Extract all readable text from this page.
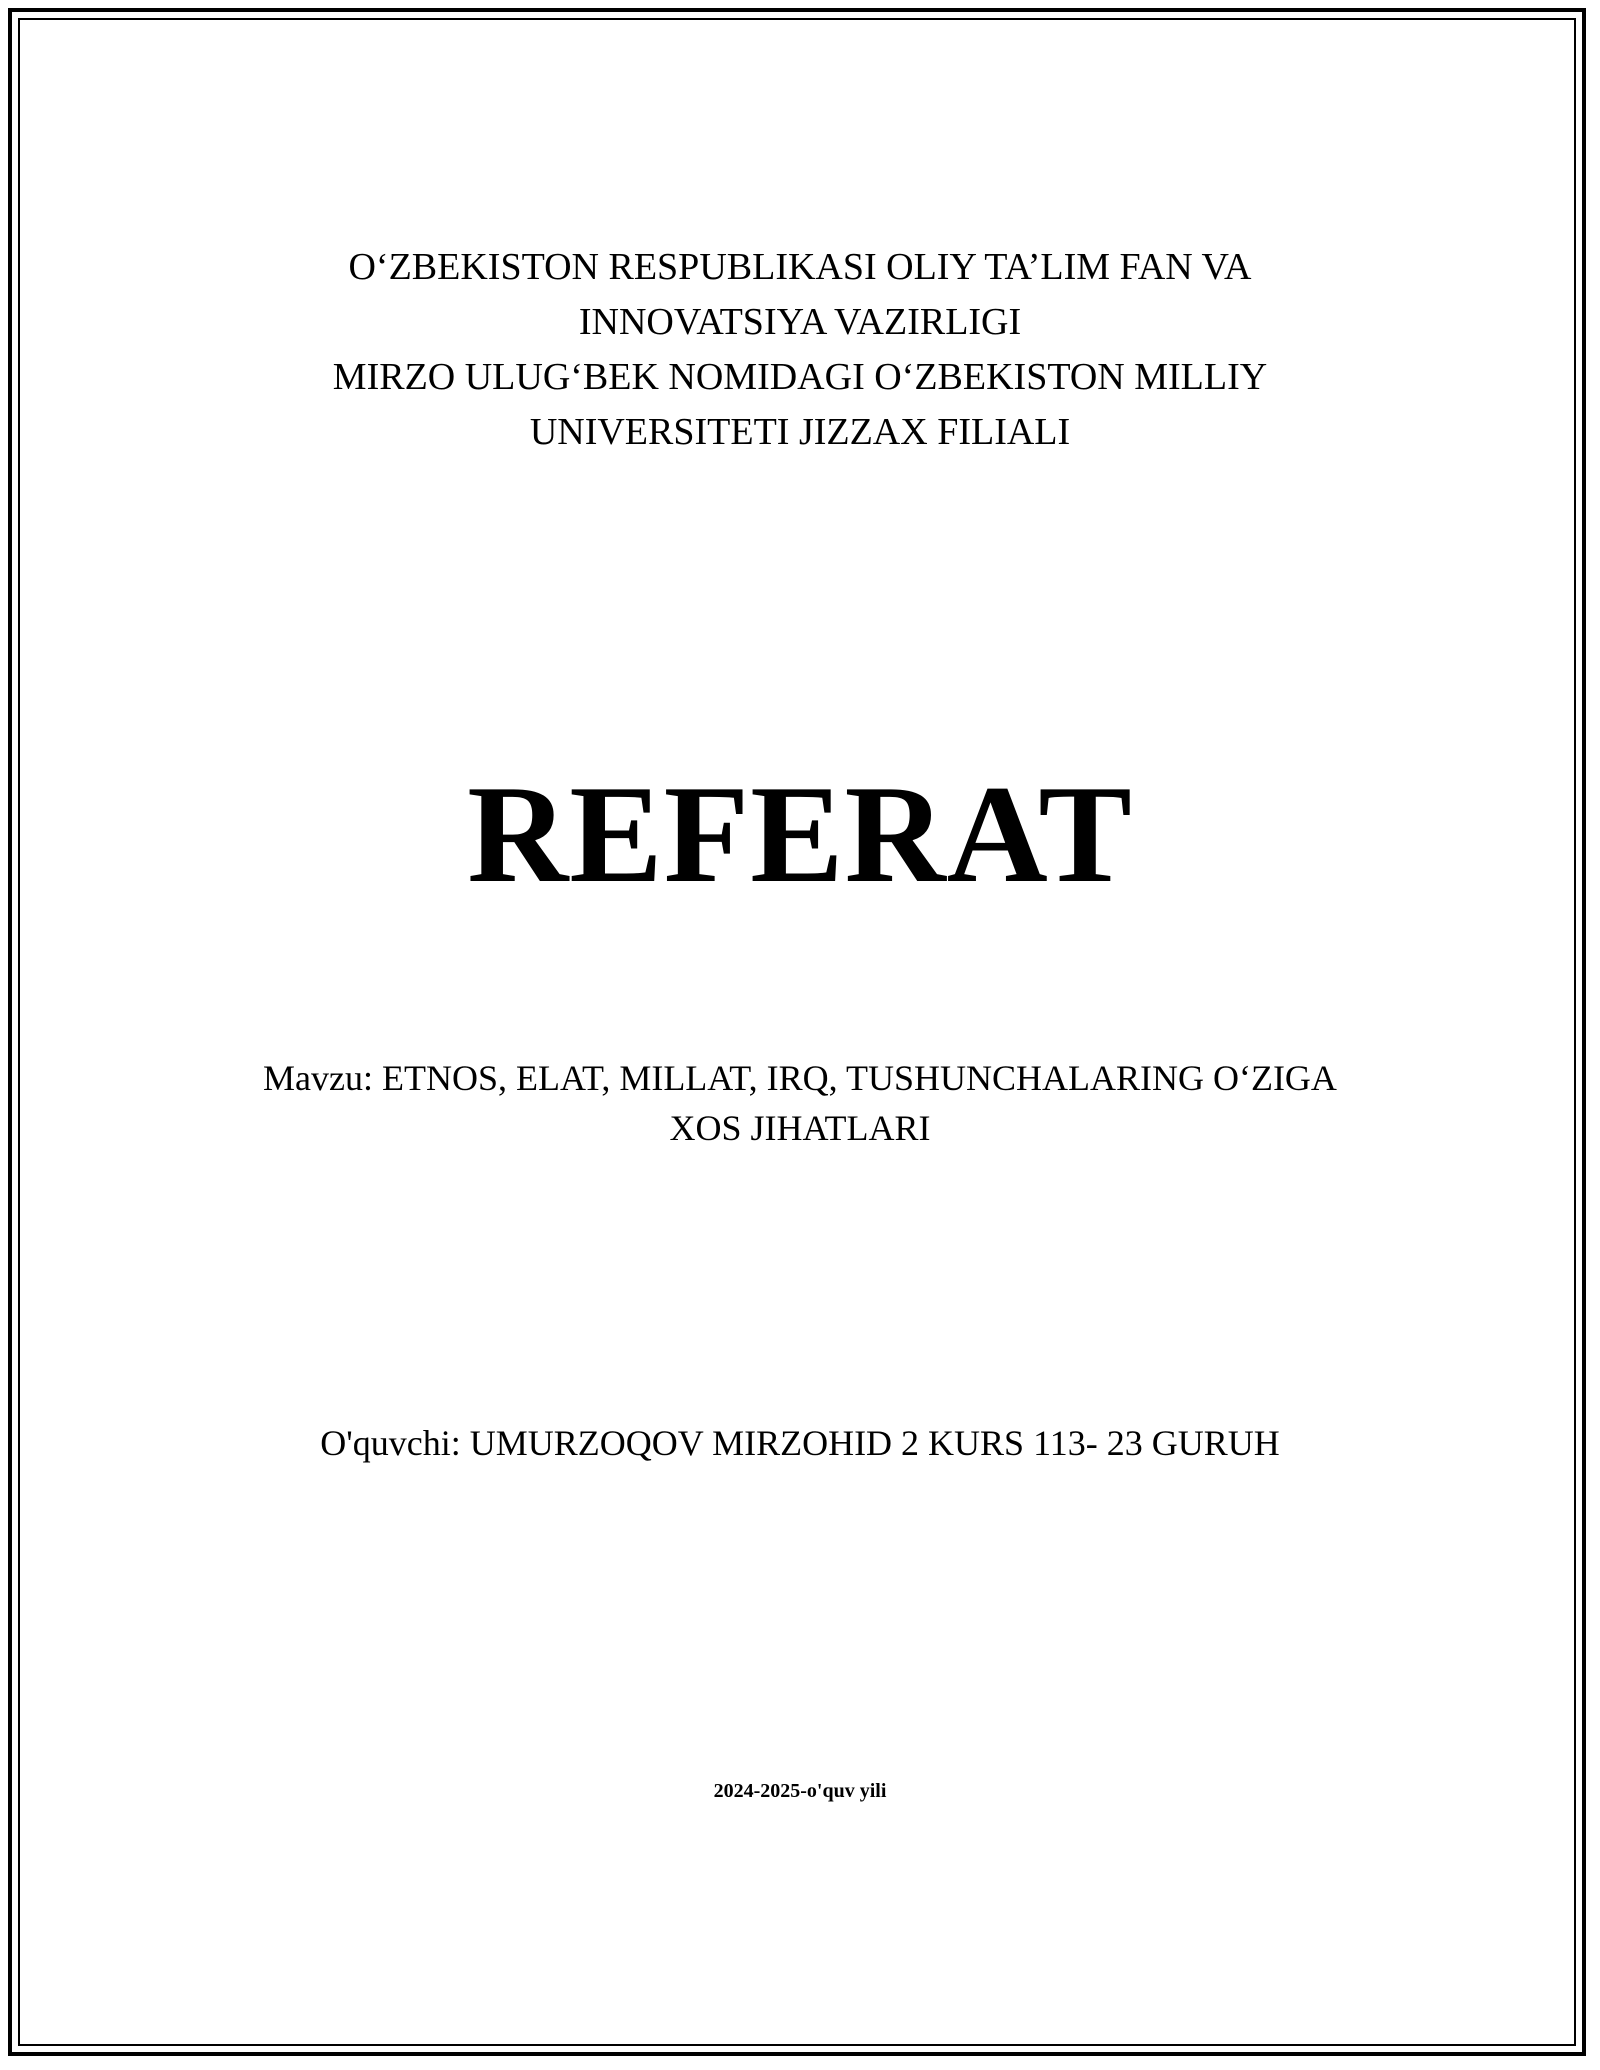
O‘ZBEKISTON RESPUBLIKASI OLIY TA’LIM FAN VA
INNOVATSIYA VAZIRLIGI
MIRZO ULUG‘BEK NOMIDAGI O‘ZBEKISTON MILLIY
UNIVERSITETI JIZZAX FILIALI
REFERAT
Mavzu: ETNOS, ELAT, MILLAT, IRQ, TUSHUNCHALARING O‘ZIGA
XOS JIHATLARI
O'quvchi: UMURZOQOV MIRZOHID 2 KURS 113- 23 GURUH
2024-2025-o'quv yili
